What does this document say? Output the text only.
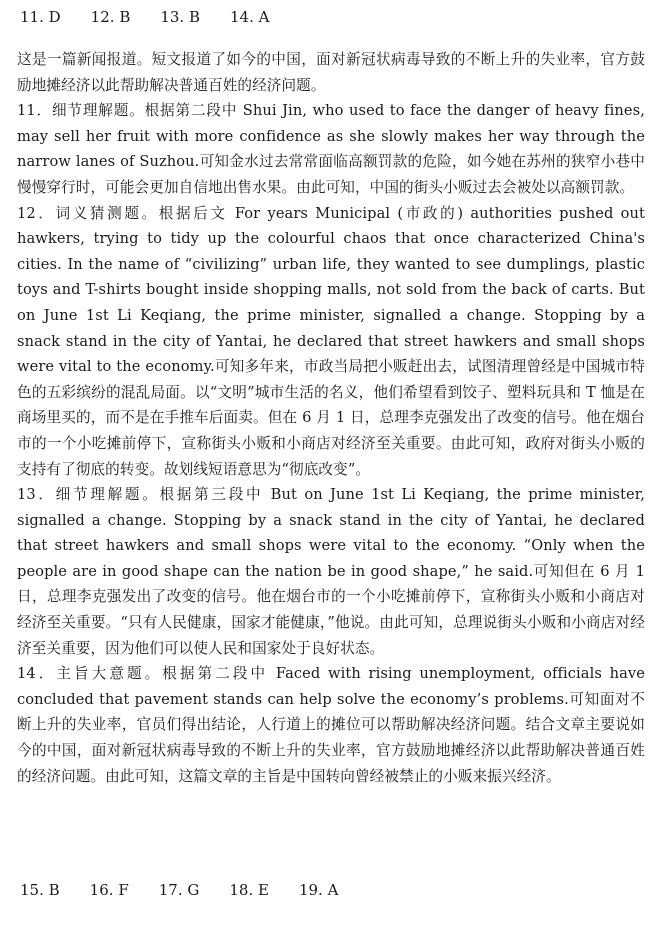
11. D 12. B 13. B 14. A

这是一篇新闻报道。短文报道了如今的中国，面对新冠状病毒导致的不断上升的失业率，官方鼓励地摊经济以此帮助解决普通百姓的经济问题。

11．细节理解题。根据第二段中 Shui Jin, who used to face the danger of heavy fines, may sell her fruit with more confidence as she slowly makes her way through the narrow lanes of Suzhou.可知金水过去常常面临高额罚款的危险，如今她在苏州的狭窄小巷中慢慢穿行时，可能会更加自信地出售水果。由此可知，中国的街头小贩过去会被处以高额罚款。

12．词义猜测题。根据后文 For years Municipal (市政的) authorities pushed out hawkers, trying to tidy up the colourful chaos that once characterized China's cities. In the name of “civilizing” urban life, they wanted to see dumplings, plastic toys and T-shirts bought inside shopping malls, not sold from the back of carts. But on June 1st Li Keqiang, the prime minister, signalled a change. Stopping by a snack stand in the city of Yantai, he declared that street hawkers and small shops were vital to the economy.可知多年来，市政当局把小贩赶出去，试图清理曾经是中国城市特色的五彩缤纷的混乱局面。以“文明”城市生活的名义，他们希望看到饺子、塑料玩具和 T 恤是在商场里买的，而不是在手推车后面卖。但在 6 月 1 日，总理李克强发出了改变的信号。他在烟台市的一个小吃摊前停下，宣称街头小贩和小商店对经济至关重要。由此可知，政府对街头小贩的支持有了彻底的转变。故划线短语意思为“彻底改变”。

13．细节理解题。根据第三段中 But on June 1st Li Keqiang, the prime minister, signalled a change. Stopping by a snack stand in the city of Yantai, he declared that street hawkers and small shops were vital to the economy. “Only when the people are in good shape can the nation be in good shape,” he said.可知但在 6 月 1 日，总理李克强发出了改变的信号。他在烟台市的一个小吃摊前停下，宣称街头小贩和小商店对经济至关重要。“只有人民健康，国家才能健康，”他说。由此可知，总理说街头小贩和小商店对经济至关重要，因为他们可以使人民和国家处于良好状态。

14．主旨大意题。根据第二段中 Faced with rising unemployment, officials have concluded that pavement stands can help solve the economy’s problems.可知面对不断上升的失业率，官员们得出结论，人行道上的摊位可以帮助解决经济问题。结合文章主要说如今的中国，面对新冠状病毒导致的不断上升的失业率，官方鼓励地摊经济以此帮助解决普通百姓的经济问题。由此可知，这篇文章的主旨是中国转向曾经被禁止的小贩来振兴经济。

15. B 16. F 17. G 18. E 19. A
